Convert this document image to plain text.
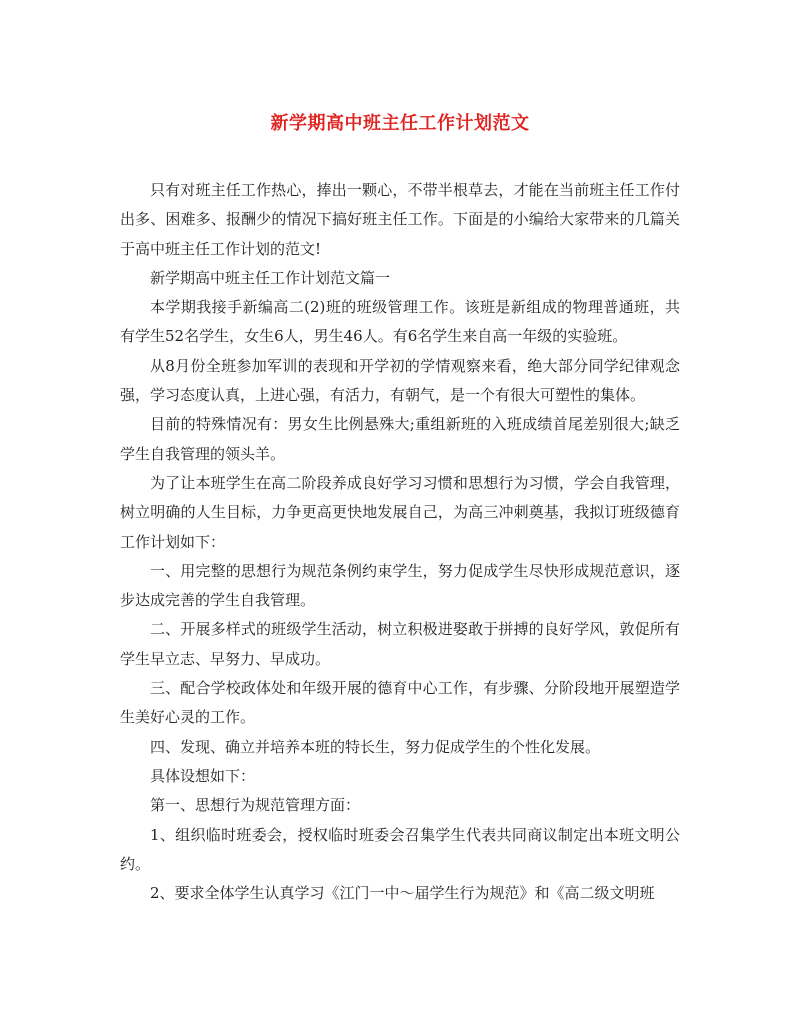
新学期高中班主任工作计划范文

只有对班主任工作热心，捧出一颗心，不带半根草去，才能在当前班主任工作付出多、困难多、报酬少的情况下搞好班主任工作。下面是的小编给大家带来的几篇关于高中班主任工作计划的范文!

新学期高中班主任工作计划范文篇一

本学期我接手新编高二(2)班的班级管理工作。该班是新组成的物理普通班，共有学生52名学生，女生6人，男生46人。有6名学生来自高一年级的实验班。

从8月份全班参加军训的表现和开学初的学情观察来看，绝大部分同学纪律观念强，学习态度认真，上进心强，有活力，有朝气，是一个有很大可塑性的集体。

目前的特殊情况有：男女生比例悬殊大;重组新班的入班成绩首尾差别很大;缺乏学生自我管理的领头羊。

为了让本班学生在高二阶段养成良好学习习惯和思想行为习惯，学会自我管理，树立明确的人生目标，力争更高更快地发展自己，为高三冲刺奠基，我拟订班级德育工作计划如下：

一、用完整的思想行为规范条例约束学生，努力促成学生尽快形成规范意识，逐步达成完善的学生自我管理。

二、开展多样式的班级学生活动，树立积极进娶敢于拼搏的良好学风，敦促所有学生早立志、早努力、早成功。

三、配合学校政体处和年级开展的德育中心工作，有步骤、分阶段地开展塑造学生美好心灵的工作。

四、发现、确立并培养本班的特长生，努力促成学生的个性化发展。

具体设想如下：

第一、思想行为规范管理方面：

1、组织临时班委会，授权临时班委会召集学生代表共同商议制定出本班文明公约。

2、要求全体学生认真学习《江门一中～届学生行为规范》和《高二级文明班
